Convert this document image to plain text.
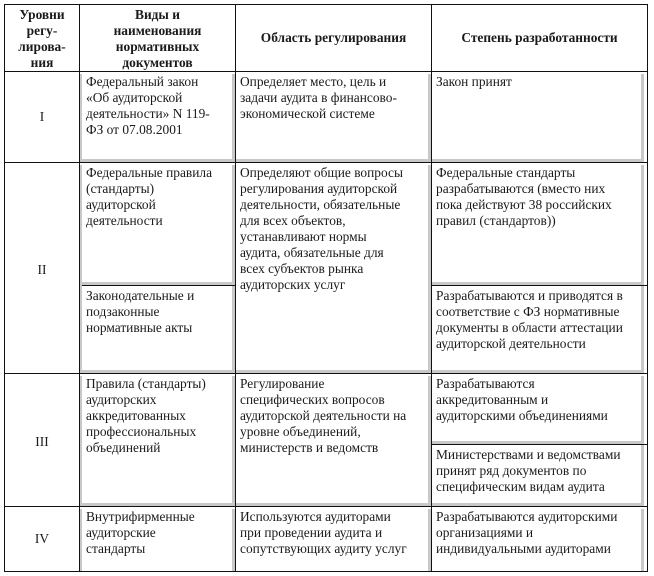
Уровни
регу-
лирова-
ния
Виды и
наименования
нормативных
документов
Область регулирования	Степень разработанности
I
Федеральный закон
«Об аудиторской
деятельности» N 119-
ФЗ от 07.08.2001
Определяет место, цель и
задачи аудита в финансово-
экономической системе
Закон принят
II
Федеральные правила
(стандарты)
аудиторской
деятельности
Законодательные и
подзаконные
нормативные акты
Определяют общие вопросы
регулирования аудиторской
деятельности, обязательные
для всех объектов,
устанавливают нормы
аудита, обязательные для
всех субъектов рынка
аудиторских услуг
Федеральные стандарты
разрабатываются (вместо них
пока действуют 38 российских
правил (стандартов))
Разрабатываются и приводятся в
соответствие с ФЗ нормативные
документы в области аттестации
аудиторской деятельности
III
Правила (стандарты)
аудиторских
аккредитованных
профессиональных
объединений
Регулирование
специфических вопросов
аудиторской деятельности на
уровне объединений,
министерств и ведомств
Разрабатываются
аккредитованным и
аудиторскими объединениями
Министерствами и ведомствами
принят ряд документов по
специфическим видам аудита
IV
Внутрифирменные
аудиторские
стандарты
Используются аудиторами
при проведении аудита и
сопутствующих аудиту услуг
Разрабатываются аудиторскими
организациями и
индивидуальными аудиторами
